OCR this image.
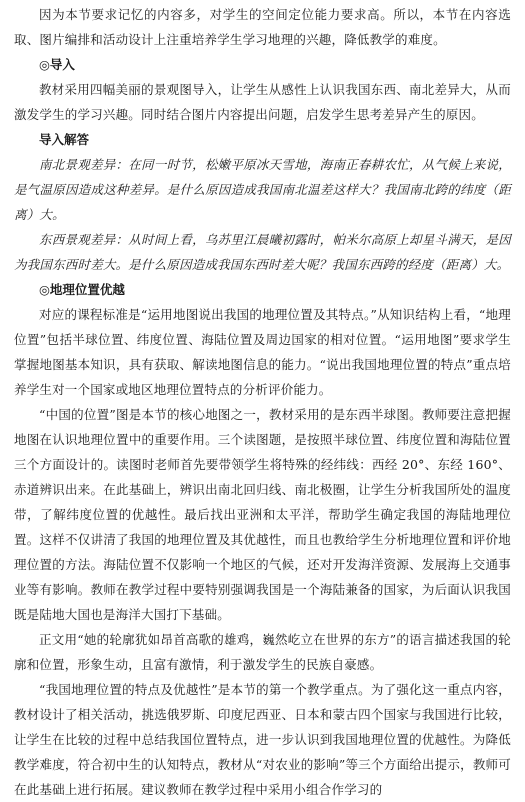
因为本节要求记忆的内容多，对学生的空间定位能力要求高。所以，本节在内容选取、图片编排和活动设计上注重培养学生学习地理的兴趣，降低教学的难度。

◎导入

教材采用四幅美丽的景观图导入，让学生从感性上认识我国东西、南北差异大，从而激发学生的学习兴趣。同时结合图片内容提出问题，启发学生思考差异产生的原因。

导入解答

南北景观差异：在同一时节，松嫩平原冰天雪地，海南正春耕农忙，从气候上来说，是气温原因造成这种差异。是什么原因造成我国南北温差这样大？我国南北跨的纬度（距离）大。

东西景观差异：从时间上看，乌苏里江晨曦初露时，帕米尔高原上却星斗满天，是因为我国东西时差大。是什么原因造成我国东西时差大呢？我国东西跨的经度（距离）大。

◎地理位置优越

对应的课程标准是“运用地图说出我国的地理位置及其特点。”从知识结构上看，“地理位置”包括半球位置、纬度位置、海陆位置及周边国家的相对位置。“运用地图”要求学生掌握地图基本知识，具有获取、解读地图信息的能力。“说出我国地理位置的特点”重点培养学生对一个国家或地区地理位置特点的分析评价能力。

“中国的位置”图是本节的核心地图之一，教材采用的是东西半球图。教师要注意把握地图在认识地理位置中的重要作用。三个读图题，是按照半球位置、纬度位置和海陆位置三个方面设计的。读图时老师首先要带领学生将特殊的经纬线：西经 20°、东经 160°、赤道辨识出来。在此基础上，辨识出南北回归线、南北极圈，让学生分析我国所处的温度带，了解纬度位置的优越性。最后找出亚洲和太平洋，帮助学生确定我国的海陆地理位置。这样不仅讲清了我国的地理位置及其优越性，而且也教给学生分析地理位置和评价地理位置的方法。海陆位置不仅影响一个地区的气候，还对开发海洋资源、发展海上交通事业等有影响。教师在教学过程中要特别强调我国是一个海陆兼备的国家，为后面认识我国既是陆地大国也是海洋大国打下基础。

正文用“她的轮廓犹如昂首高歌的雄鸡，巍然屹立在世界的东方”的语言描述我国的轮廓和位置，形象生动，且富有激情，利于激发学生的民族自豪感。

“我国地理位置的特点及优越性”是本节的第一个教学重点。为了强化这一重点内容，教材设计了相关活动，挑选俄罗斯、印度尼西亚、日本和蒙古四个国家与我国进行比较，让学生在比较的过程中总结我国位置特点，进一步认识到我国地理位置的优越性。为降低教学难度，符合初中生的认知特点，教材从“对农业的影响”等三个方面给出提示，教师可在此基础上进行拓展。建议教师在教学过程中采用小组合作学习的
